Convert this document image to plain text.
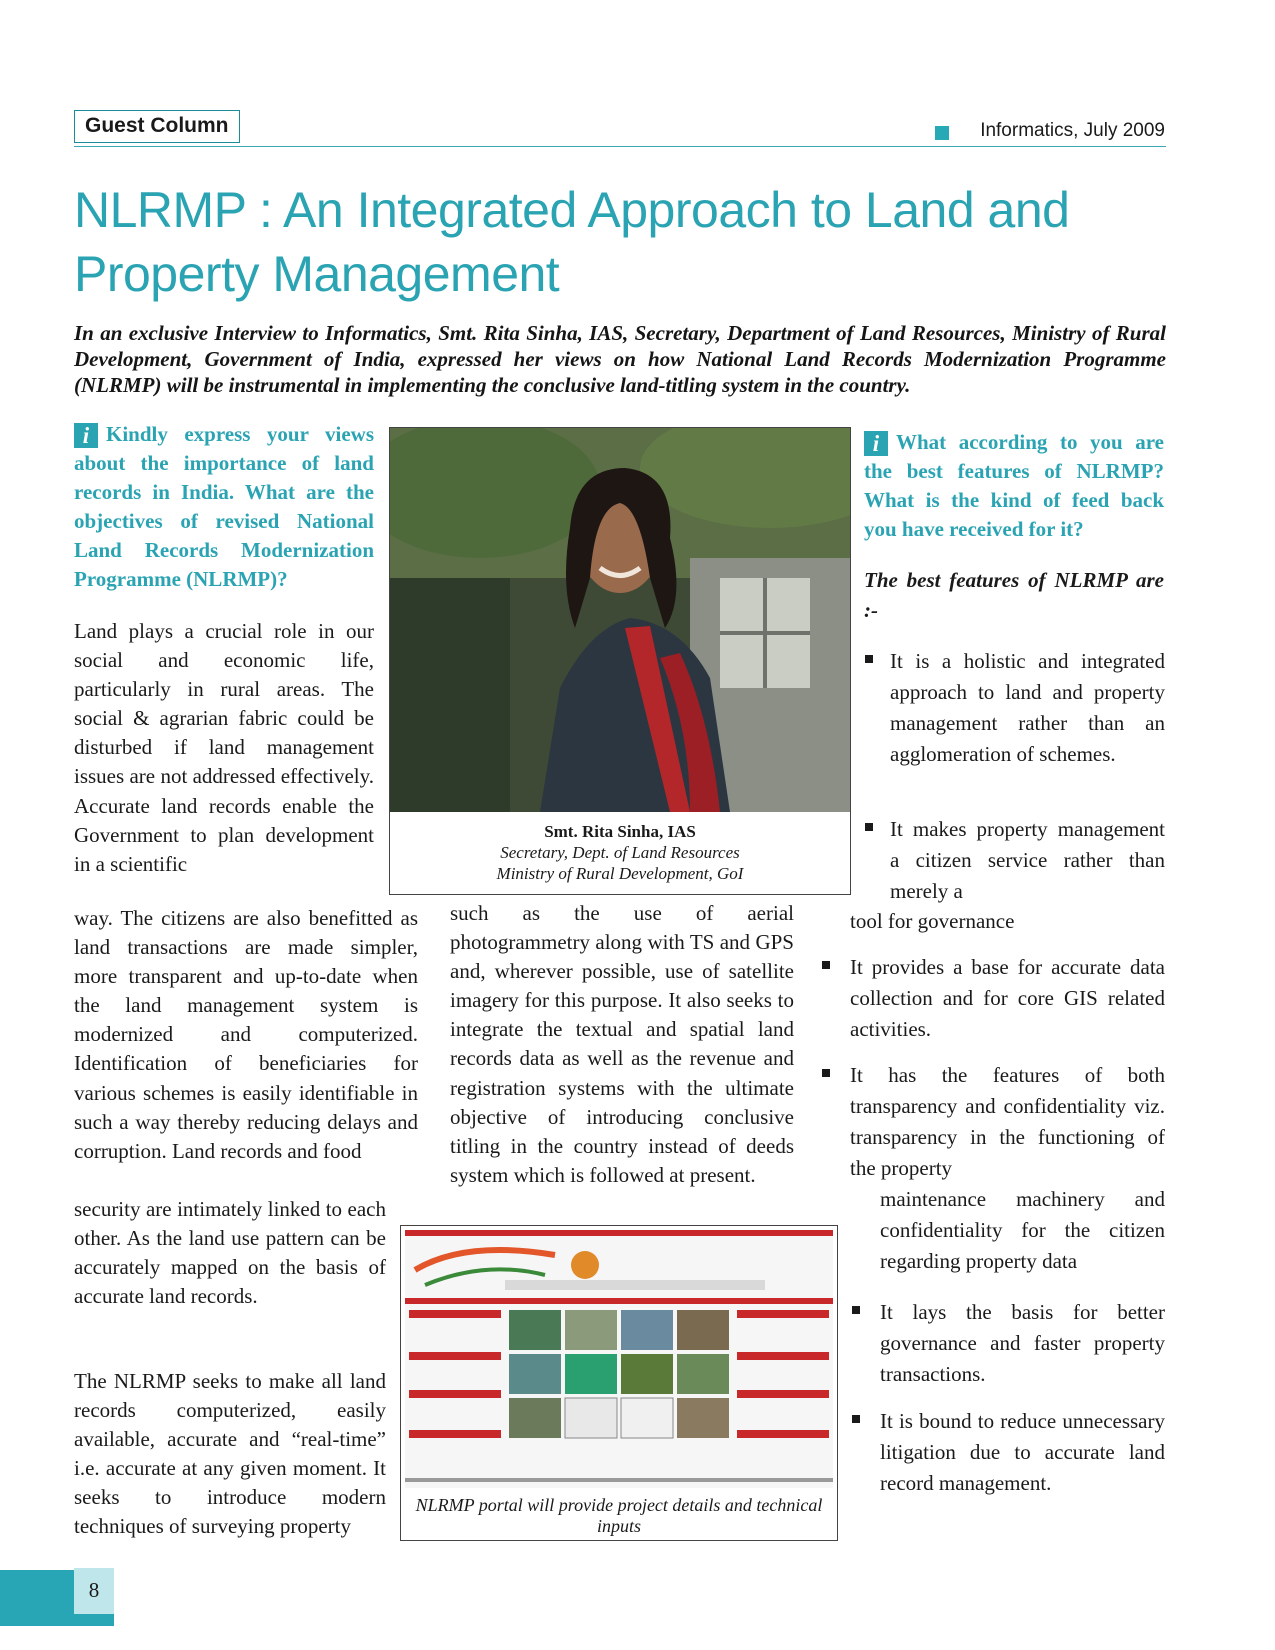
Guest Column	Informatics, July 2009
NLRMP : An Integrated Approach to Land and Property Management
In an exclusive Interview to Informatics, Smt. Rita Sinha, IAS, Secretary, Department of Land Resources, Ministry of Rural Development, Government of India, expressed her views on how National Land Records Modernization Programme (NLRMP) will be instrumental in implementing the conclusive land-titling system in the country.
i Kindly express your views about the importance of land records in India. What are the objectives of revised National Land Records Modernization Programme (NLRMP)?
Land plays a crucial role in our social and economic life, particularly in rural areas. The social & agrarian fabric could be disturbed if land management issues are not addressed effectively. Accurate land records enable the Government to plan development in a scientific
way. The citizens are also benefitted as land transactions are made simpler, more transparent and up-to-date when the land management system is modernized and computerized. Identification of beneficiaries for various schemes is easily identifiable in such a way thereby reducing delays and corruption. Land records and food
security are intimately linked to each other. As the land use pattern can be accurately mapped on the basis of accurate land records.
The NLRMP seeks to make all land records computerized, easily available, accurate and “real-time” i.e. accurate at any given moment. It seeks to introduce modern techniques of surveying property
such as the use of aerial photogrammetry along with TS and GPS and, wherever possible, use of satellite imagery for this purpose. It also seeks to integrate the textual and spatial land records data as well as the revenue and registration systems with the ultimate objective of introducing conclusive titling in the country instead of deeds system which is followed at present.
Smt. Rita Sinha, IAS
Secretary, Dept. of Land Resources
Ministry of Rural Development, GoI
NLRMP portal will provide project details and technical inputs
i What according to you are the best features of NLRMP? What is the kind of feed back you have received for it?
The best features of NLRMP are :-
It is a holistic and integrated approach to land and property management rather than an agglomeration of schemes.
It makes property management a citizen service rather than merely a
tool for governance
It provides a base for accurate data collection and for core GIS related activities.
It has the features of both transparency and confidentiality viz. transparency in the functioning of the property
maintenance machinery and confidentiality for the citizen regarding property data
It lays the basis for better governance and faster property transactions.
It is bound to reduce unnecessary litigation due to accurate land record management.
8
